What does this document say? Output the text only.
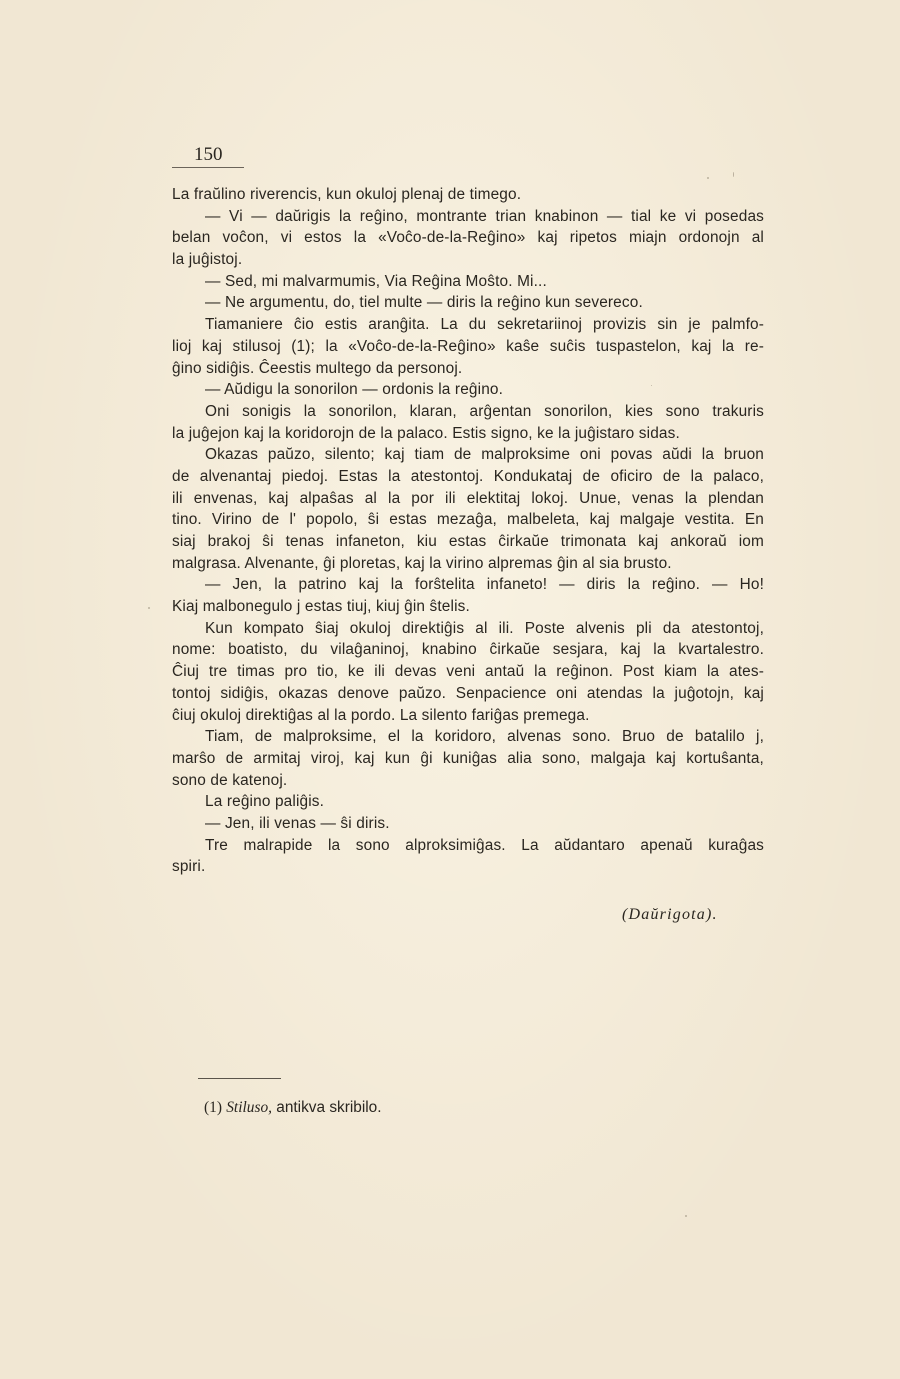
150
La fraŭlino riverencis, kun okuloj plenaj de timego.
— Vi — daŭrigis la reĝino, montrante trian knabinon — tial ke vi posedas
belan voĉon, vi estos la «Voĉo-de-la-Reĝino» kaj ripetos miajn ordonojn al
la juĝistoj.
— Sed, mi malvarmumis, Via Reĝina Moŝto. Mi...
— Ne argumentu, do, tiel multe — diris la reĝino kun severeco.
Tiamaniere ĉio estis aranĝita. La du sekretariinoj provizis sin je palmfo-
lioj kaj stilusoj (1); la «Voĉo-de-la-Reĝino» kaŝe suĉis tuspastelon, kaj la re-
ĝino sidiĝis. Ĉeestis multego da personoj.
— Aŭdigu la sonorilon — ordonis la reĝino.
Oni sonigis la sonorilon, klaran, arĝentan sonorilon, kies sono trakuris
la juĝejon kaj la koridorojn de la palaco. Estis signo, ke la juĝistaro sidas.
Okazas paŭzo, silento; kaj tiam de malproksime oni povas aŭdi la bruon
de alvenantaj piedoj. Estas la atestontoj. Kondukataj de oficiro de la palaco,
ili envenas, kaj alpaŝas al la por ili elektitaj lokoj. Unue, venas la plendan
tino. Virino de l' popolo, ŝi estas mezaĝa, malbeleta, kaj malgaje vestita. En
siaj brakoj ŝi tenas infaneton, kiu estas ĉirkaŭe trimonata kaj ankoraŭ iom
malgrasa. Alvenante, ĝi ploretas, kaj la virino alpremas ĝin al sia brusto.
— Jen, la patrino kaj la forŝtelita infaneto! — diris la reĝino. — Ho!
Kiaj malbonegulo j estas tiuj, kiuj ĝin ŝtelis.
Kun kompato ŝiaj okuloj direktiĝis al ili. Poste alvenis pli da atestontoj,
nome: boatisto, du vilaĝaninoj, knabino ĉirkaŭe sesjara, kaj la kvartalestro.
Ĉiuj tre timas pro tio, ke ili devas veni antaŭ la reĝinon. Post kiam la ates-
tontoj sidiĝis, okazas denove paŭzo. Senpacience oni atendas la juĝotojn, kaj
ĉiuj okuloj direktiĝas al la pordo. La silento fariĝas premega.
Tiam, de malproksime, el la koridoro, alvenas sono. Bruo de batalilo j,
marŝo de armitaj viroj, kaj kun ĝi kuniĝas alia sono, malgaja kaj kortuŝanta,
sono de katenoj.
La reĝino paliĝis.
— Jen, ili venas — ŝi diris.
Tre malrapide la sono alproksimiĝas. La aŭdantaro apenaŭ kuraĝas
spiri.
(Daŭrigota).
(1) Stiluso, antikva skribilo.
